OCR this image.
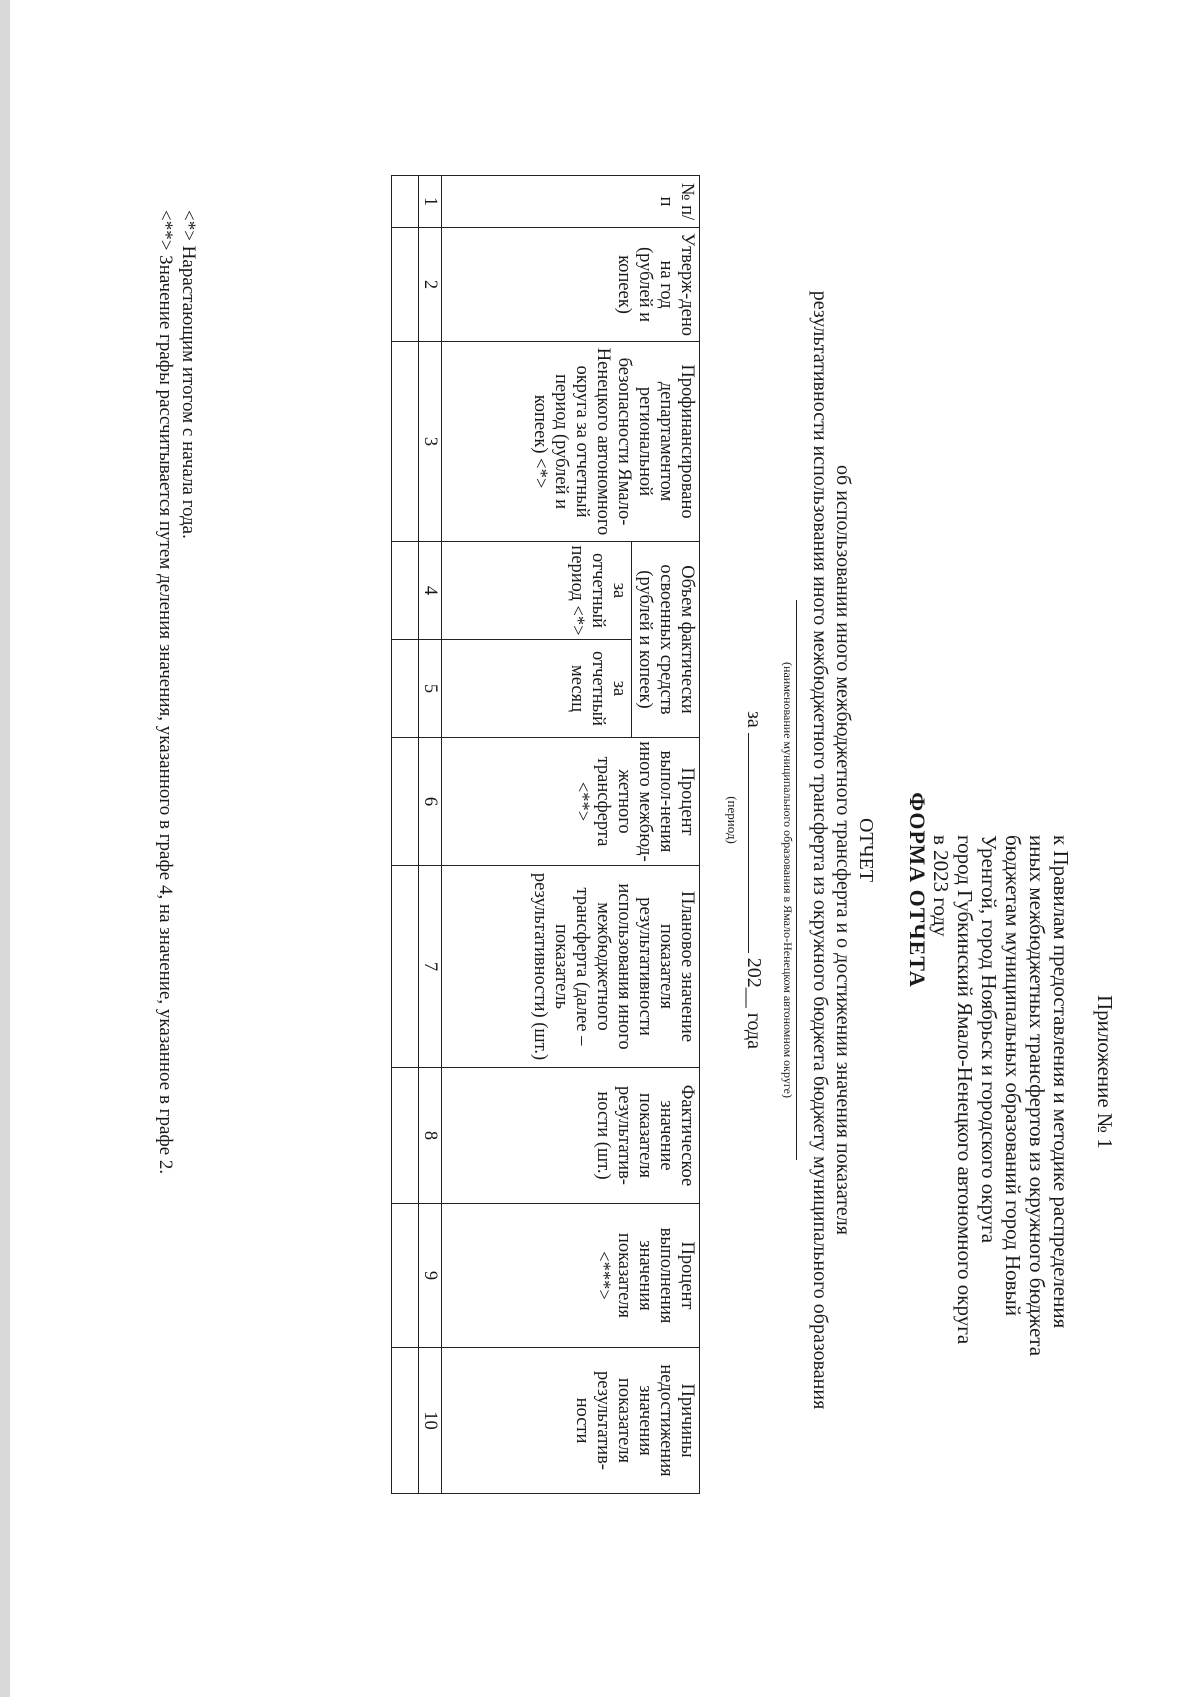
Приложение № 1
к Правилам предоставления и методике распределения
иных межбюджетных трансфертов из окружного бюджета
бюджетам муниципальных образований город Новый
Уренгой, город Ноябрьск и городского округа
город Губкинский Ямало-Ненецкого автономного округа
в 2023 году
ФОРМА ОТЧЕТА
ОТЧЕТ
об использовании иного межбюджетного трансферта и о достижении значения показателя
результативности использования иного межбюджетного трансферта из окружного бюджета бюджету муниципального образования
(наименование муниципального образования в Ямало-Ненецком автономном округе)
за  202__ года
(период)
№ п/п	Утверж-дено на год (рублей и копеек)	Профинансировано департаментом региональной безопасности Ямало-Ненецкого автономного округа за отчетный период (рублей и копеек) <*>	Объем фактически освоенных средств (рублей и копеек)		Процент выпол-нения иного межбюд-жетного трансферта <**>	Плановое значение показателя результативности использования иного межбюджетного трансферта (далее – показатель результативности) (шт.)	Фактическое значение показателя результатив-ности (шт.)	Процент выполнения значения показателя <***>	Причины недостижения значения показателя результатив-ности
			за отчетный период <*>	за отчетный месяц					
1	2	3	4	5	6	7	8	9	10

<*> Нарастающим итогом с начала года.
<**> Значение графы рассчитывается путем деления значения, указанного в графе 4, на значение, указанное в графе 2.
